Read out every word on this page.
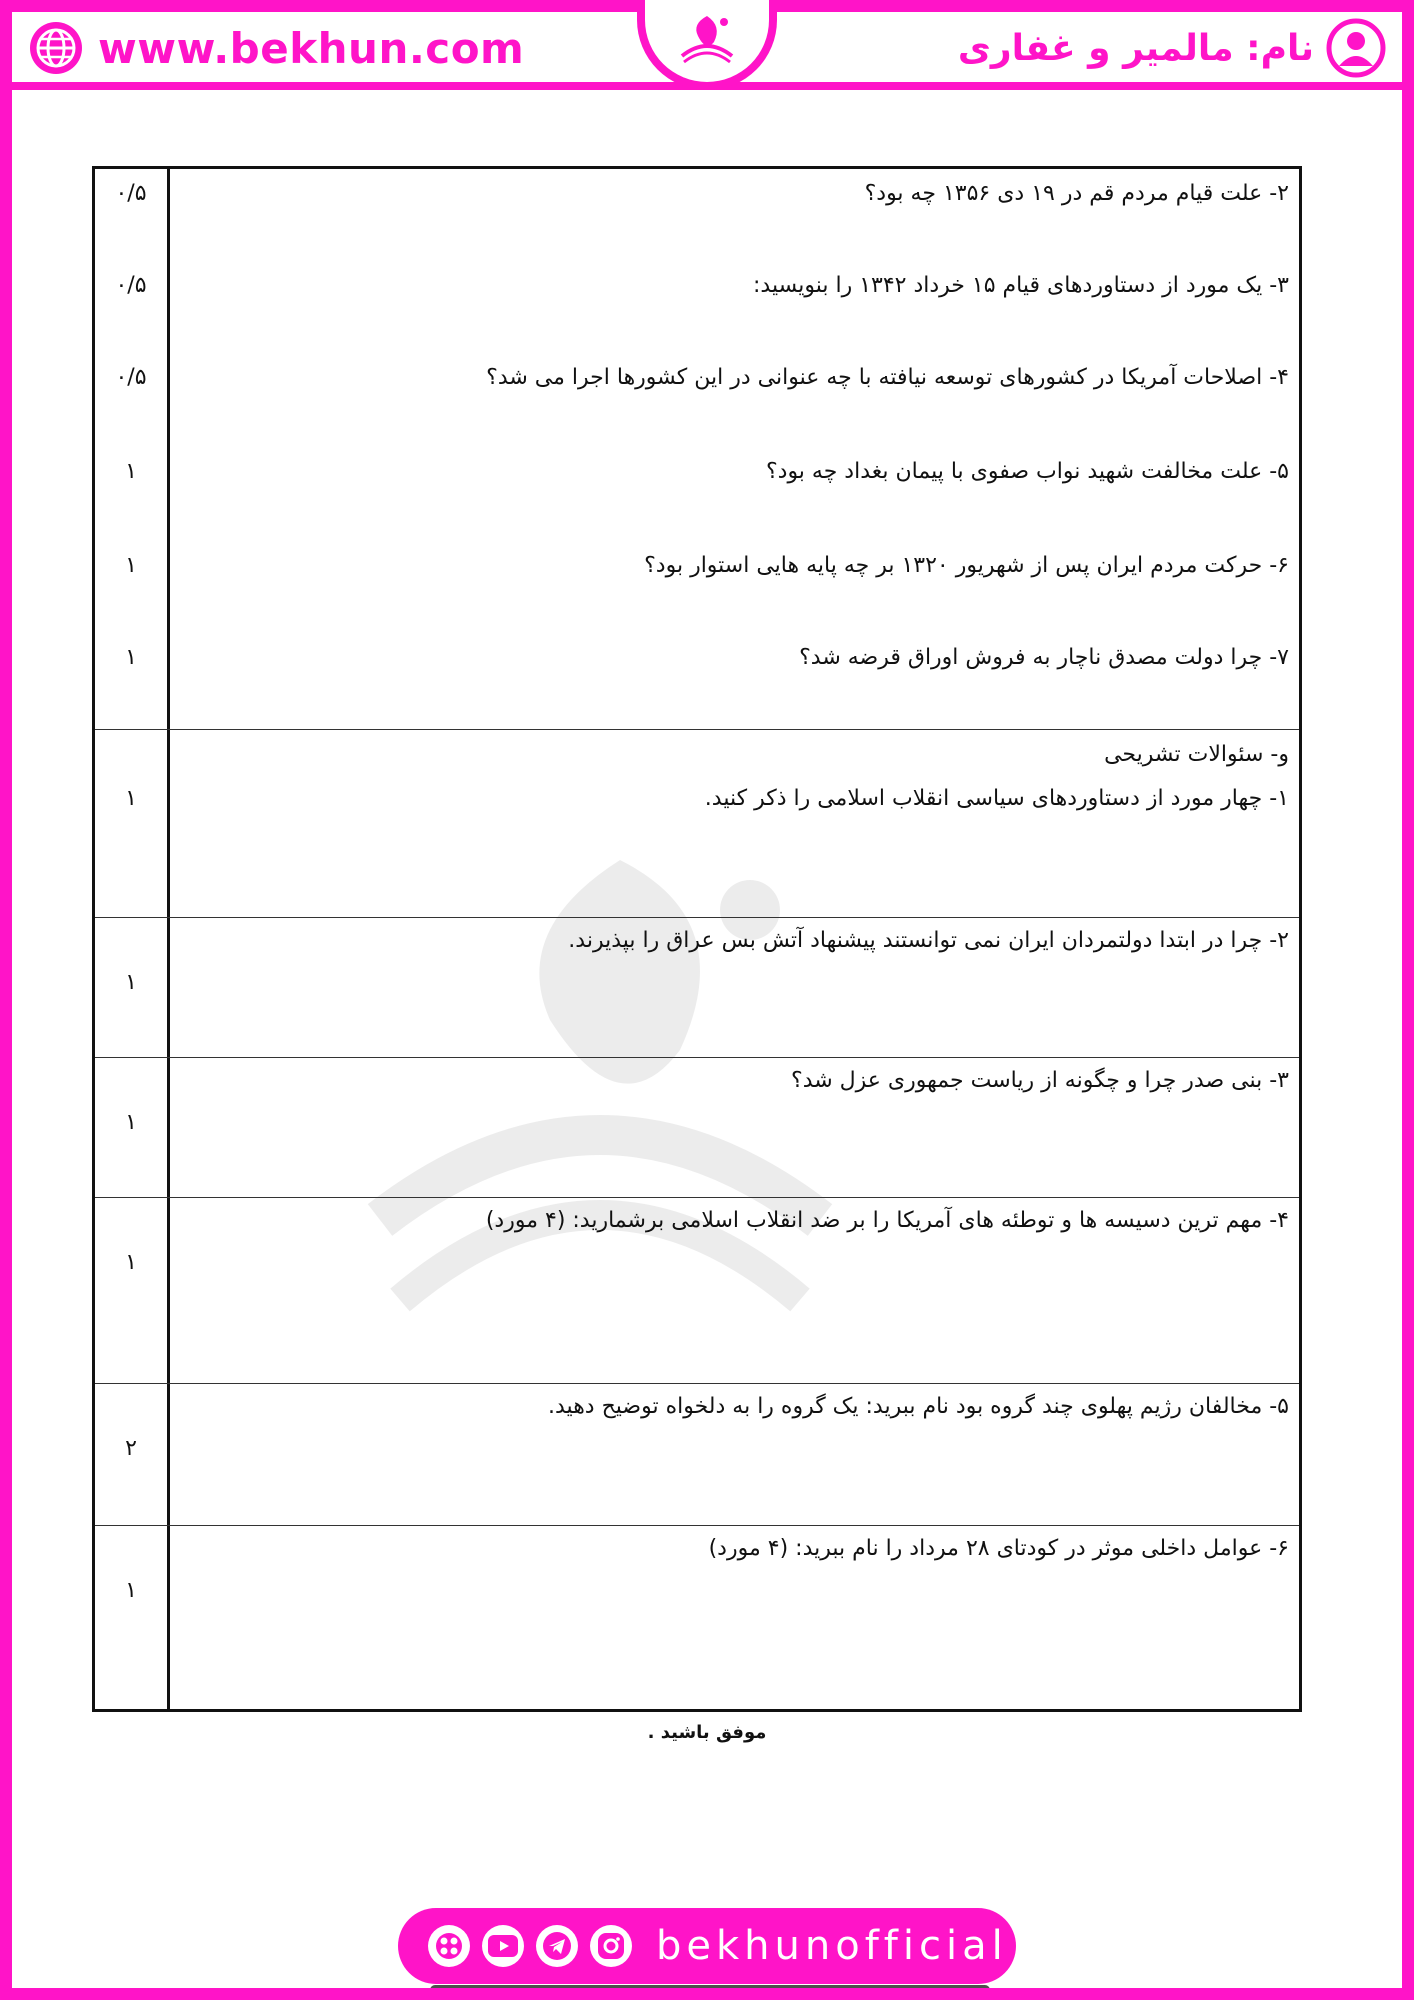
www.bekhun.com	نام: مالمیر و غفاری
۲- علت قیام مردم قم در ۱۹ دی ۱۳۵۶ چه بود؟
۰/۵
۳- یک مورد از دستاوردهای قیام ۱۵ خرداد ۱۳۴۲ را بنویسید:
۰/۵
۴- اصلاحات آمریکا در کشورهای توسعه نیافته با چه عنوانی در این کشورها اجرا می شد؟
۰/۵
۵- علت مخالفت شهید نواب صفوی با پیمان بغداد چه بود؟
۱
۶- حرکت مردم ایران پس از شهریور ۱۳۲۰ بر چه پایه هایی استوار بود؟
۱
۷- چرا دولت مصدق ناچار به فروش اوراق قرضه شد؟
۱
و- سئوالات تشریحی
۱- چهار مورد از دستاوردهای سیاسی انقلاب اسلامی را ذکر کنید.
۱
۲- چرا در ابتدا دولتمردان ایران نمی توانستند پیشنهاد آتش بس عراق را بپذیرند.
۱
۳- بنی صدر چرا و چگونه از ریاست جمهوری عزل شد؟
۱
۴- مهم ترین دسیسه ها و توطئه های آمریکا را بر ضد انقلاب اسلامی برشمارید: (۴ مورد)
۱
۵- مخالفان رژیم پهلوی چند گروه بود نام ببرید: یک گروه را به دلخواه توضیح دهید.
۲
۶- عوامل داخلی موثر در کودتای ۲۸ مرداد را نام ببرید: (۴ مورد)
۱
موفق باشید .
bekhunofficial
